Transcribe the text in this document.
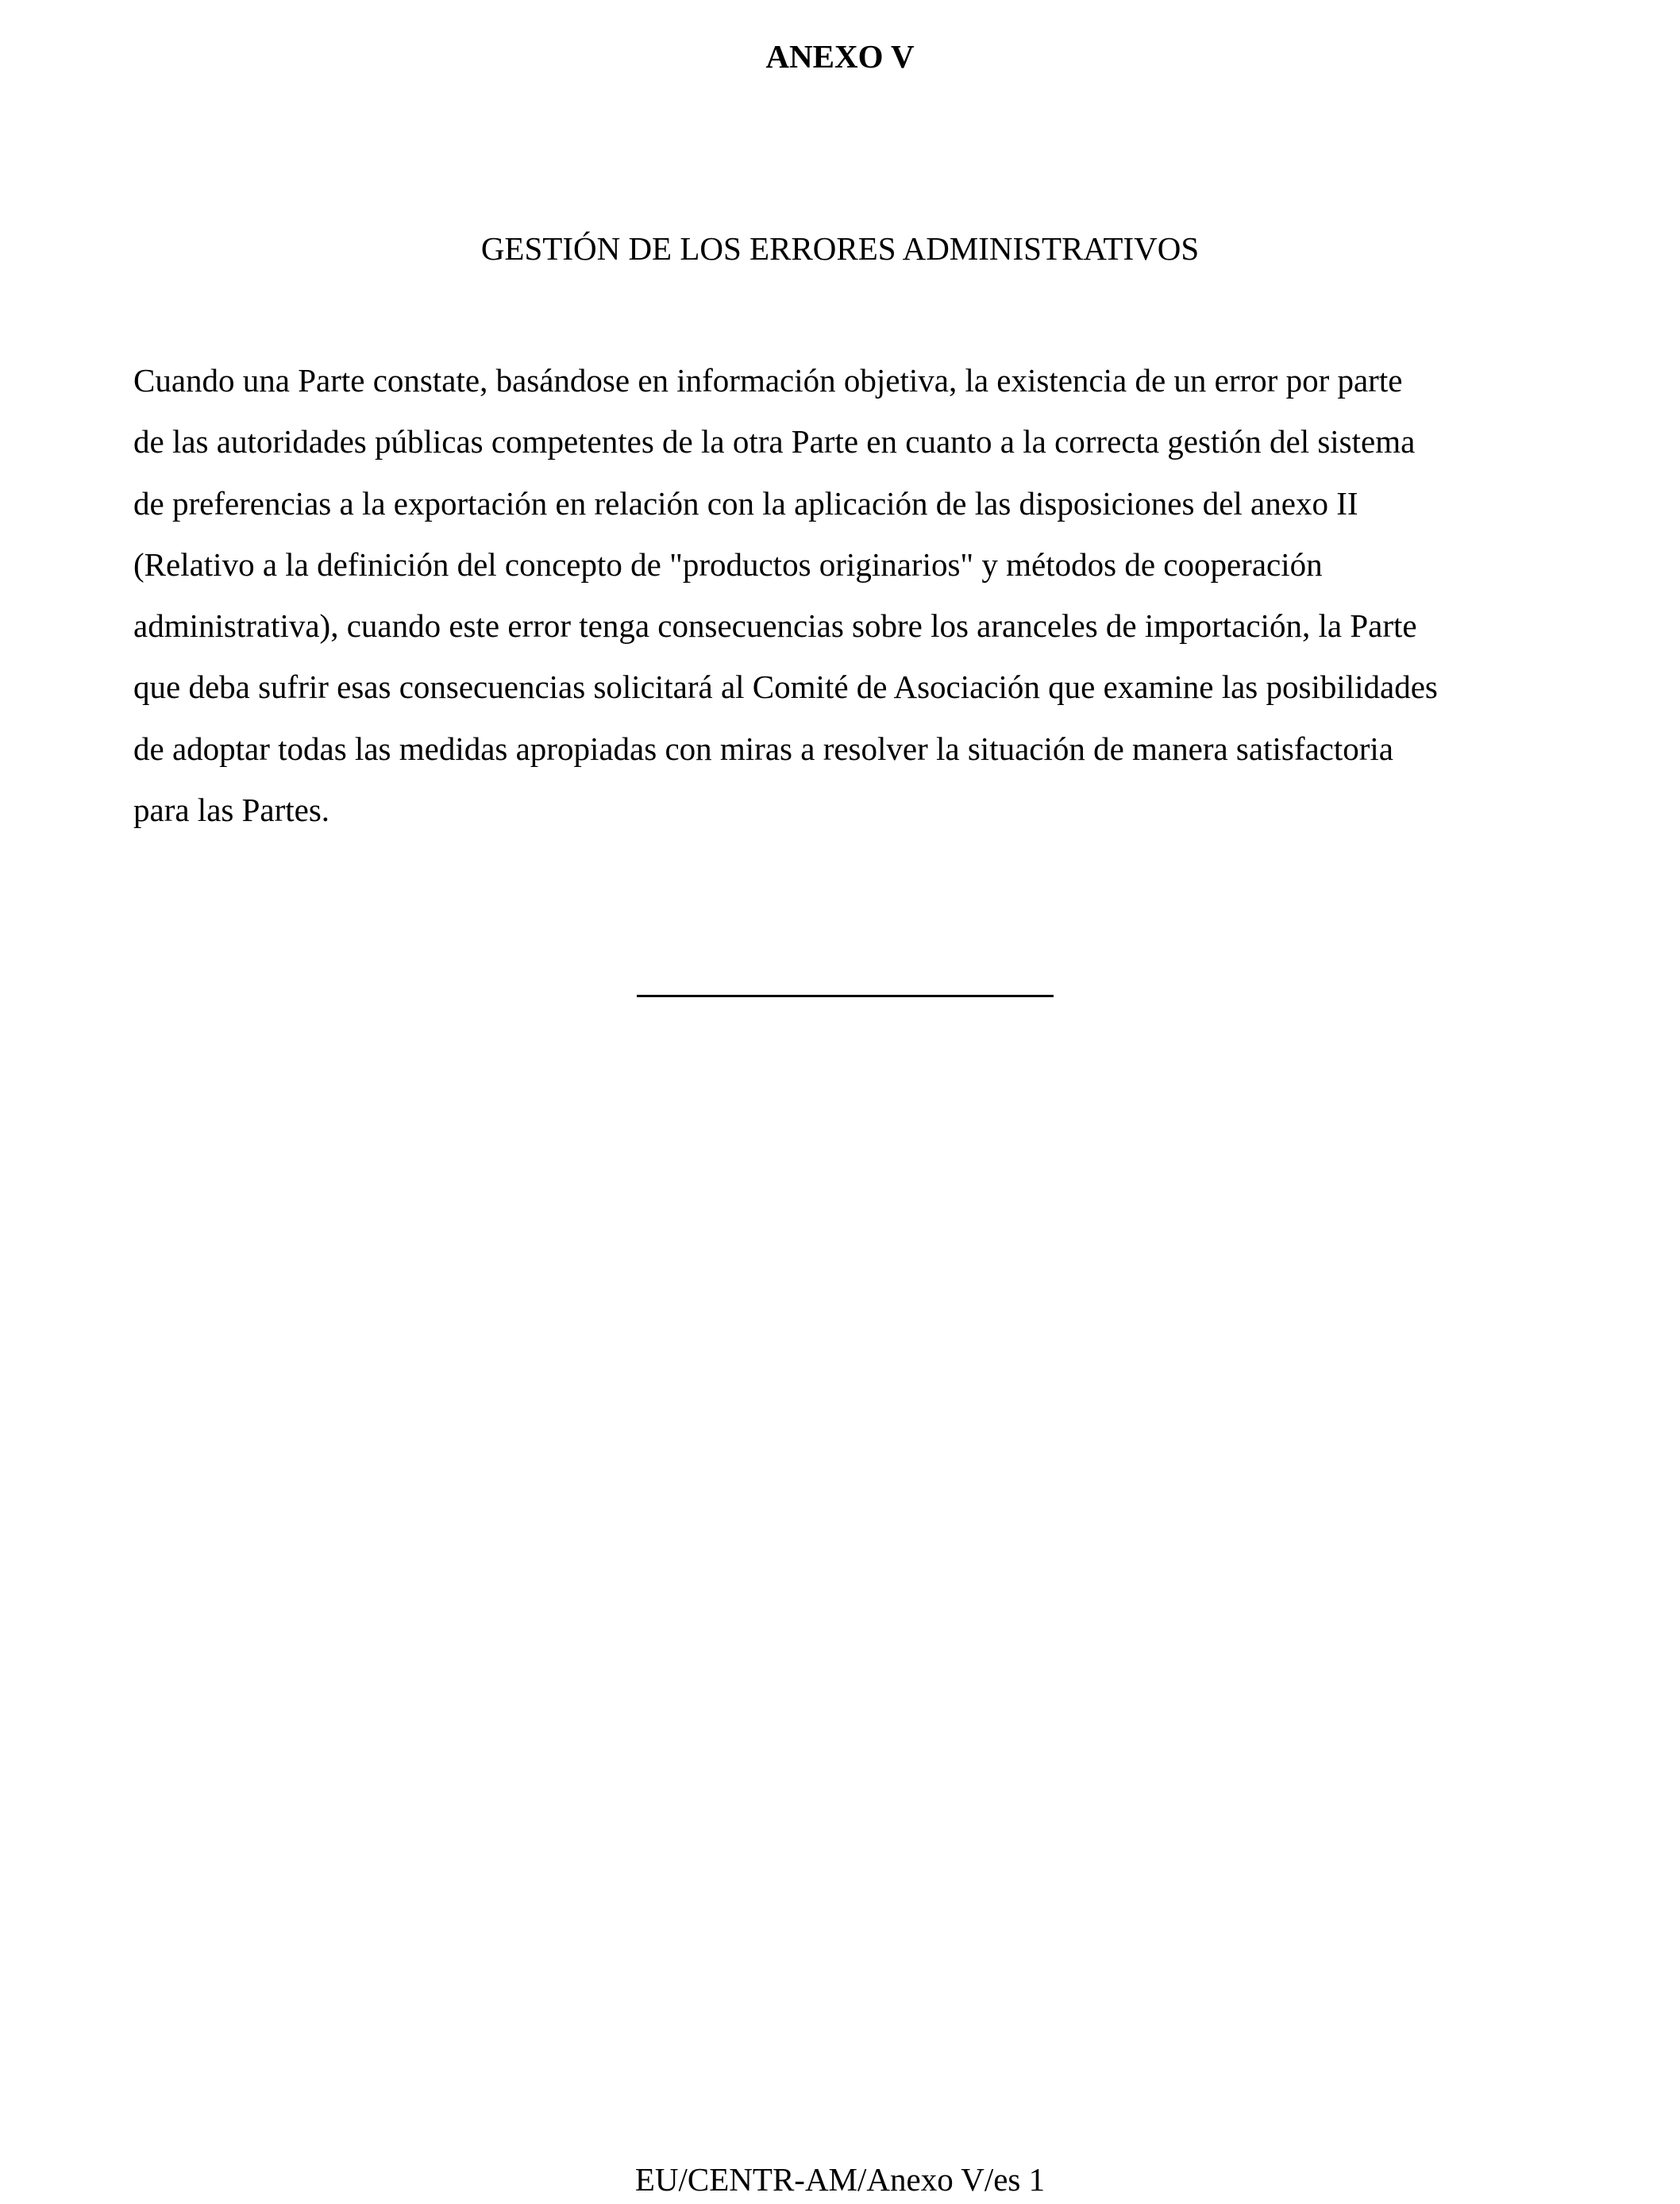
ANEXO V
GESTIÓN DE LOS ERRORES ADMINISTRATIVOS

Cuando una Parte constate, basándose en información objetiva, la existencia de un error por parte
de las autoridades públicas competentes de la otra Parte en cuanto a la correcta gestión del sistema
de preferencias a la exportación en relación con la aplicación de las disposiciones del anexo II
(Relativo a la definición del concepto de "productos originarios" y métodos de cooperación
administrativa), cuando este error tenga consecuencias sobre los aranceles de importación, la Parte
que deba sufrir esas consecuencias solicitará al Comité de Asociación que examine las posibilidades
de adoptar todas las medidas apropiadas con miras a resolver la situación de manera satisfactoria
para las Partes.

EU/CENTR-AM/Anexo V/es 1
